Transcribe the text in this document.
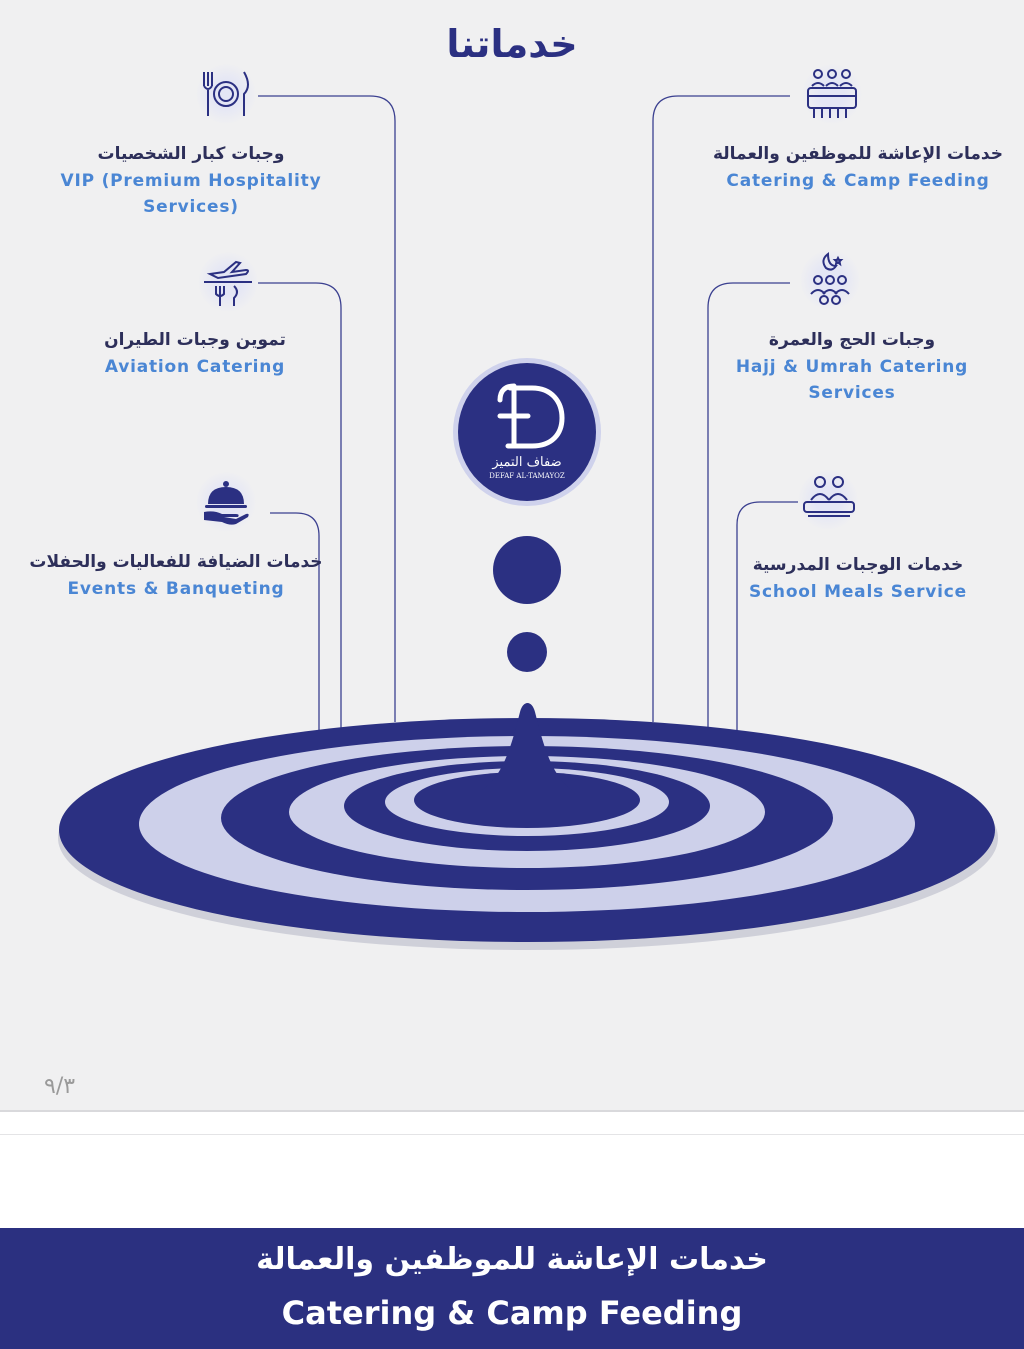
ضفاف التميز
DEFAF AL-TAMAYOZ
خدماتنا
وجبات كبار الشخصيات
VIP (Premium Hospitality
Services)
تموين وجبات الطيران
Aviation Catering
خدمات الضيافة للفعاليات والحفلات
Events & Banqueting
خدمات الإعاشة للموظفين والعمالة
Catering & Camp Feeding
وجبات الحج والعمرة
Hajj & Umrah Catering
Services
خدمات الوجبات المدرسية
School Meals Service
٩/٣
خدمات الإعاشة للموظفين والعمالة
Catering & Camp Feeding
